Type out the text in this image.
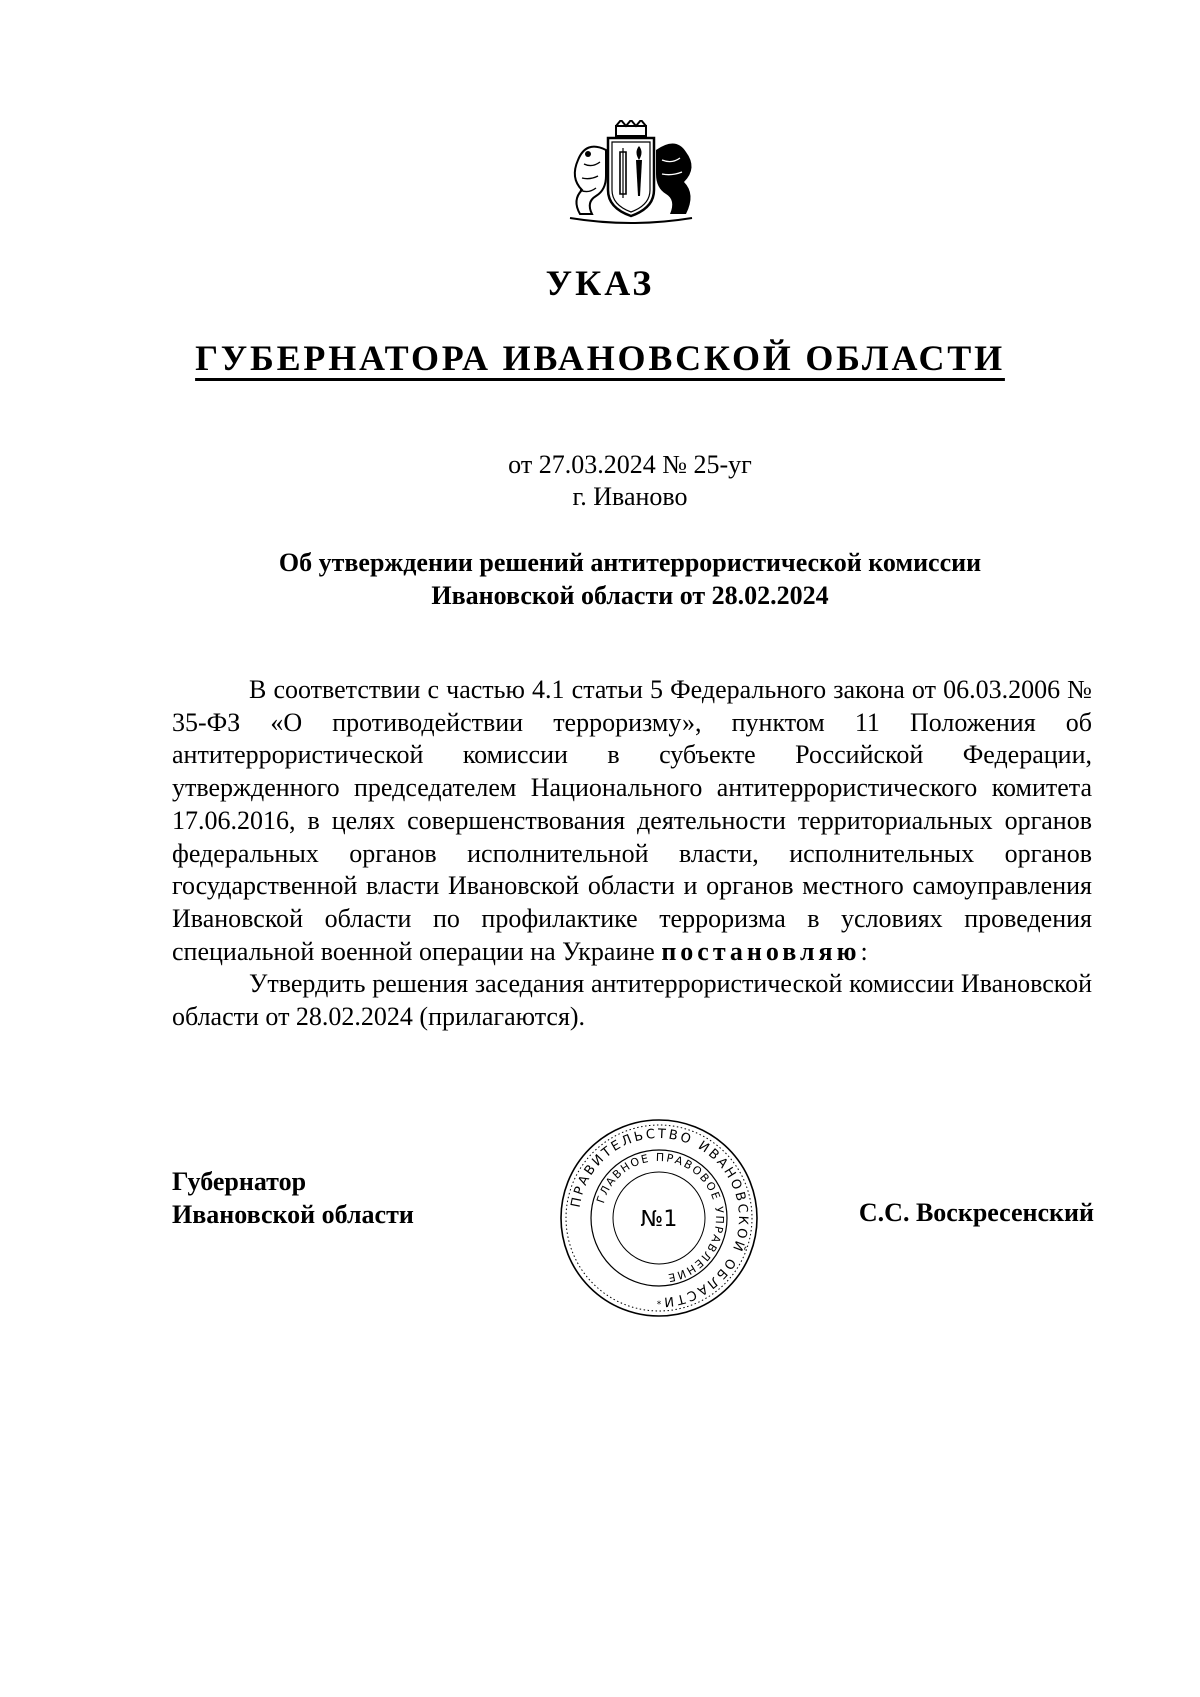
УКАЗ
ГУБЕРНАТОРА ИВАНОВСКОЙ ОБЛАСТИ
от 27.03.2024 № 25-уг
г. Иваново
Об утверждении решений антитеррористической комиссии
Ивановской области от 28.02.2024

В соответствии с частью 4.1 статьи 5 Федерального закона от 06.03.2006 № 35-ФЗ «О противодействии терроризму», пунктом 11 Положения об антитеррористической комиссии в субъекте Российской Федерации, утвержденного председателем Национального антитеррористического комитета 17.06.2016, в целях совершенствования деятельности территориальных органов федеральных органов исполнительной власти, исполнительных органов государственной власти Ивановской области и органов местного самоуправления Ивановской области по профилактике терроризма в условиях проведения специальной военной операции на Украине постановляю:

Утвердить решения заседания антитеррористической комиссии Ивановской области от 28.02.2024 (прилагаются).

Губернатор
Ивановской области	ПРАВИТЕЛЬСТВО ИВАНОВСКОЙ ОБЛАСТИ
ГЛАВНОЕ ПРАВОВОЕ УПРАВЛЕНИЕ
№1
*
С.С. Воскресенский
